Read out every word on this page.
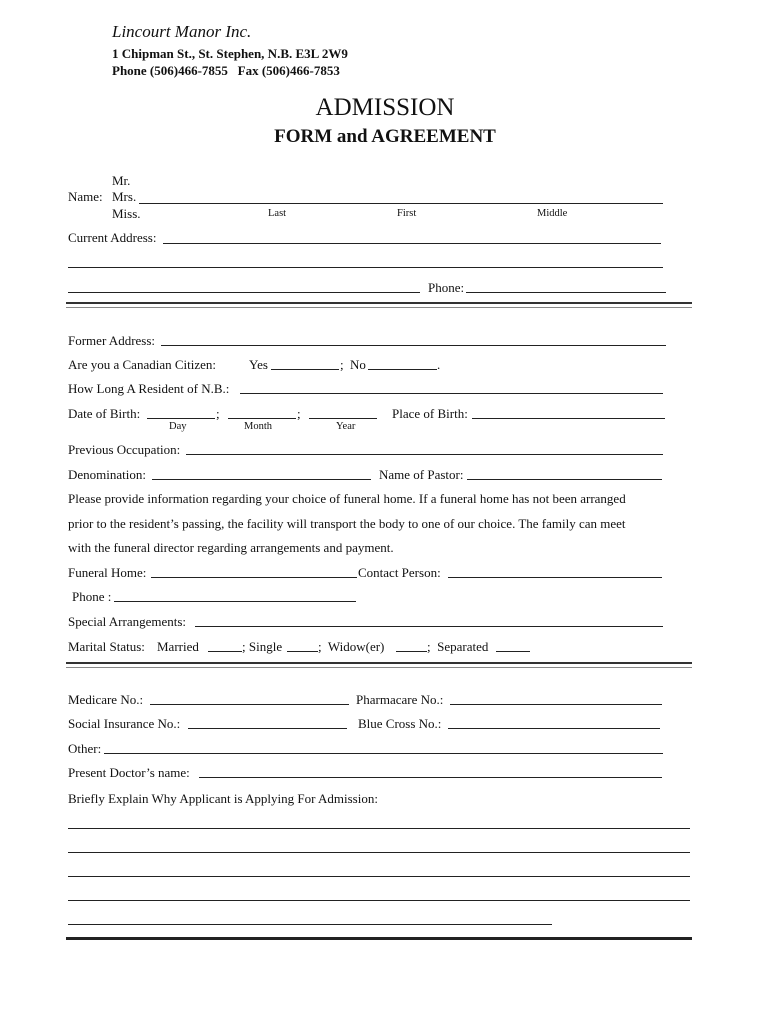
Lincourt Manor Inc.
1 Chipman St., St. Stephen, N.B. E3L 2W9
Phone (506)466-7855   Fax (506)466-7853
ADMISSION
FORM and AGREEMENT
Mr.
Name: Mrs.
Miss.	Last	First	Middle
Current Address:
Phone:
Former Address:
Are you a Canadian Citizen:	Yes	; No	.
How Long A Resident of N.B.:
Date of Birth:	;	;	Place of Birth:
Day	Month	Year
Previous Occupation:
Denomination:	Name of Pastor:
Please provide information regarding your choice of funeral home. If a funeral home has not been arranged
prior to the resident’s passing, the facility will transport the body to one of our choice. The family can meet
with the funeral director regarding arrangements and payment.
Funeral Home:	Contact Person:
Phone :
Special Arrangements:
Marital Status: Married	; Single	;  Widow(er)	;  Separated
Medicare No.:	Pharmacare No.:
Social Insurance No.:	Blue Cross No.:
Other:
Present Doctor’s name:
Briefly Explain Why Applicant is Applying For Admission:
